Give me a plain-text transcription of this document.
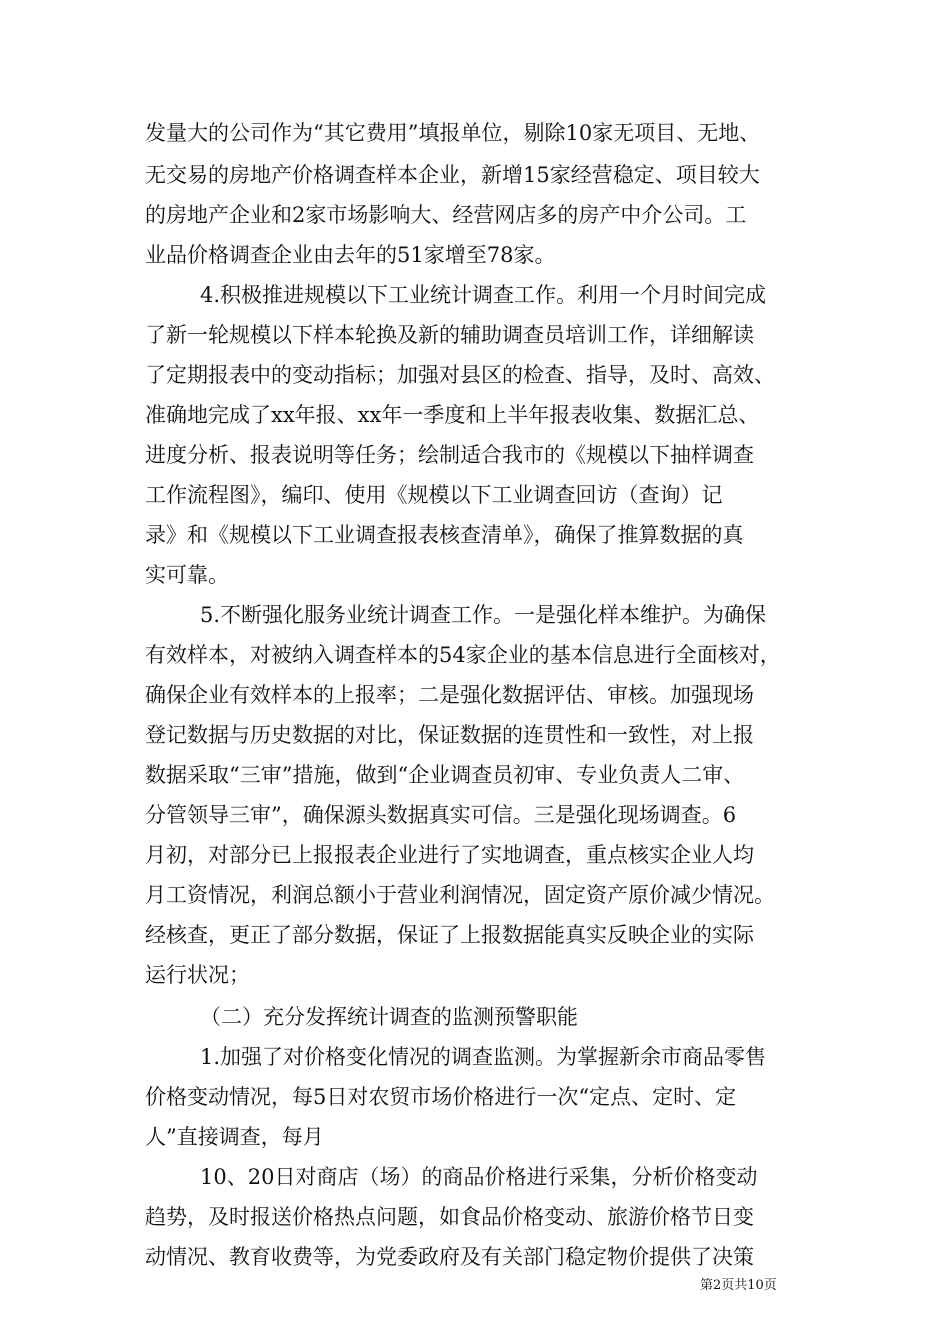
发量大的公司作为“其它费用”填报单位，剔除10家无项目、无地、
无交易的房地产价格调查样本企业，新增15家经营稳定、项目较大
的房地产企业和2家市场影响大、经营网店多的房产中介公司。工
业品价格调查企业由去年的51家增至78家。
4.积极推进规模以下工业统计调查工作。利用一个月时间完成
了新一轮规模以下样本轮换及新的辅助调查员培训工作，详细解读
了定期报表中的变动指标；加强对县区的检查、指导，及时、高效、
准确地完成了xx年报、xx年一季度和上半年报表收集、数据汇总、
进度分析、报表说明等任务；绘制适合我市的《规模以下抽样调查
工作流程图》，编印、使用《规模以下工业调查回访（查询）记
录》和《规模以下工业调查报表核查清单》，确保了推算数据的真
实可靠。
5.不断强化服务业统计调查工作。一是强化样本维护。为确保
有效样本，对被纳入调查样本的54家企业的基本信息进行全面核对，
确保企业有效样本的上报率；二是强化数据评估、审核。加强现场
登记数据与历史数据的对比，保证数据的连贯性和一致性，对上报
数据采取“三审”措施，做到“企业调查员初审、专业负责人二审、
分管领导三审”，确保源头数据真实可信。三是强化现场调查。6
月初，对部分已上报报表企业进行了实地调查，重点核实企业人均
月工资情况，利润总额小于营业利润情况，固定资产原价减少情况。
经核查，更正了部分数据，保证了上报数据能真实反映企业的实际
运行状况；
（二）充分发挥统计调查的监测预警职能
1.加强了对价格变化情况的调查监测。为掌握新余市商品零售
价格变动情况，每5日对农贸市场价格进行一次“定点、定时、定
人”直接调查，每月
10、20日对商店（场）的商品价格进行采集，分析价格变动
趋势，及时报送价格热点问题，如食品价格变动、旅游价格节日变
动情况、教育收费等，为党委政府及有关部门稳定物价提供了决策
第2页共10页
